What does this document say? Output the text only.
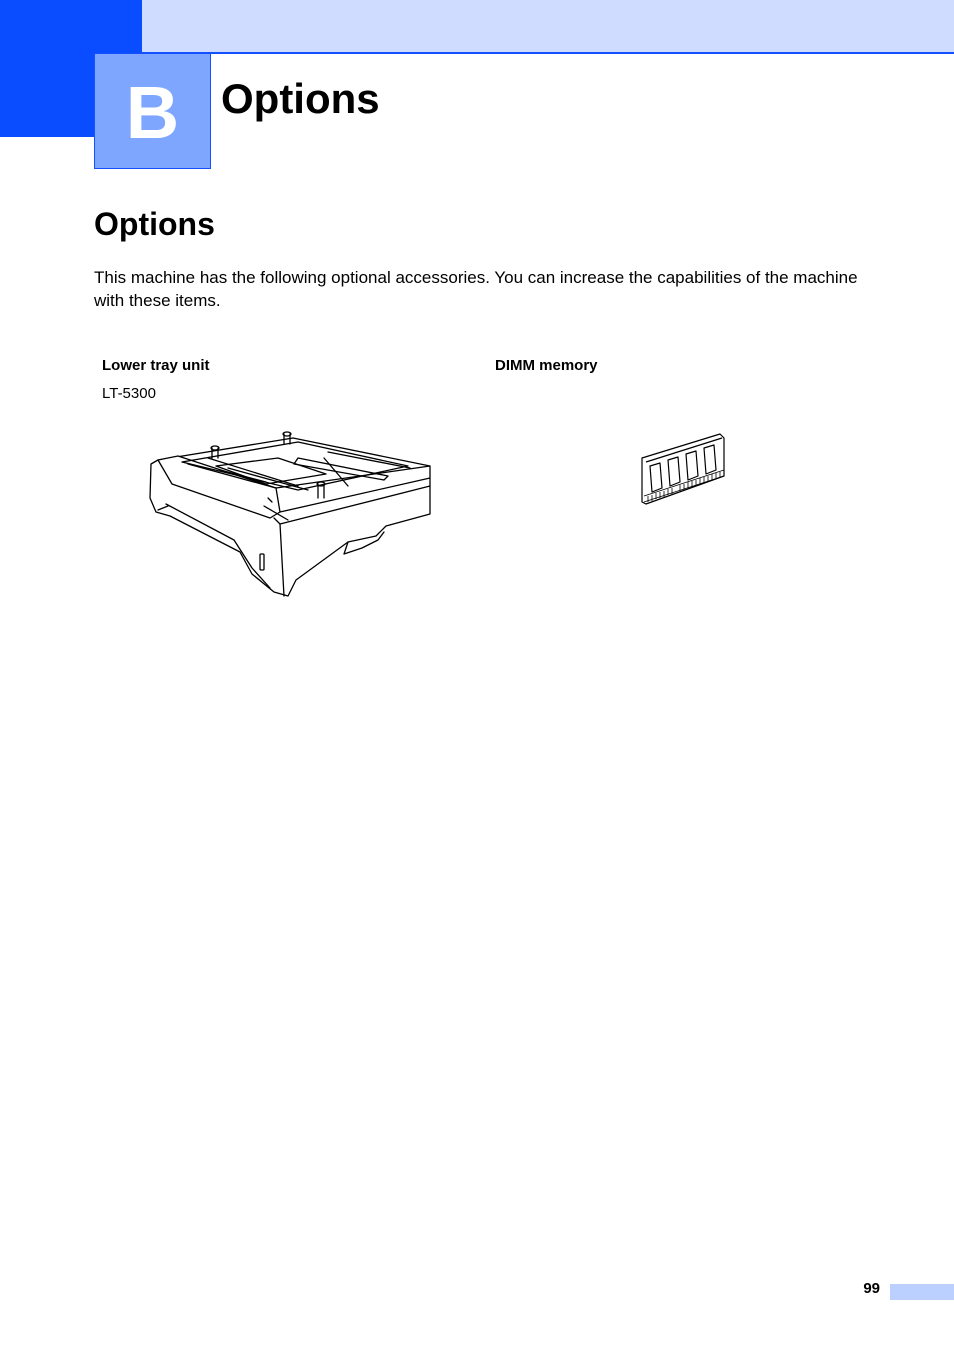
B Options
Options

This machine has the following optional accessories. You can increase the capabilities of the machine with these items.

Lower tray unit

LT-5300

DIMM memory

99
